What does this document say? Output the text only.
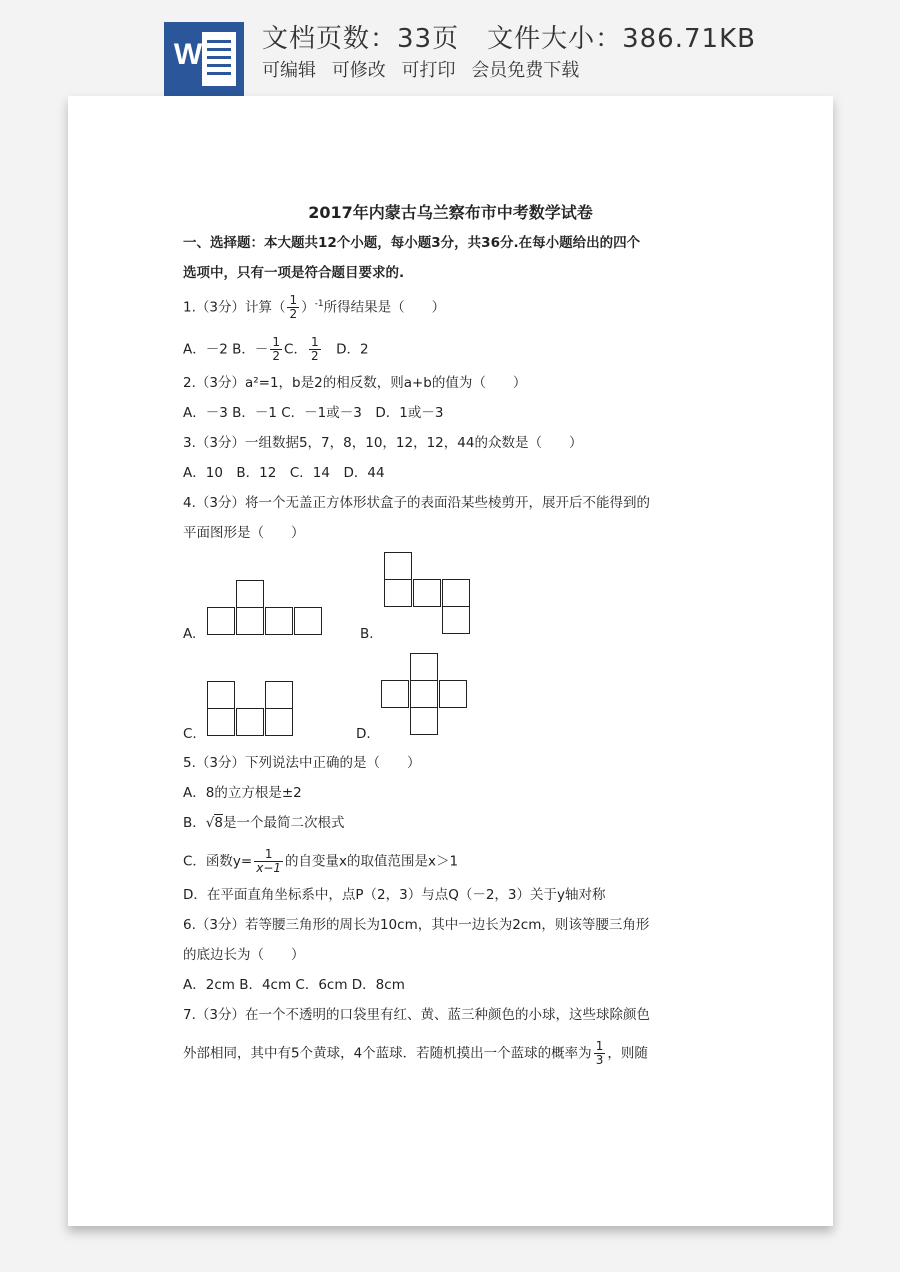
W 文档页数：33页 文件大小：386.71KB
可编辑 可修改 可打印 会员免费下载
2017年内蒙古乌兰察布市中考数学试卷
一、选择题：本大题共12个小题，每小题3分，共36分.在每小题给出的四个
选项中，只有一项是符合题目要求的.
1.（3分）计算（ $\frac{1}{2} )^{-1}$所得结果是（　　）
A．－2 B．－ $\frac{1}{2}$ C． $\frac{1}{2}$ 　D．2
2.（3分）a²=1，b是2的相反数，则a+b的值为（　　）
A．－3 B．－1 C．－1或－3　D．1或－3
3.（3分）一组数据5，7，8，10，12，12，44的众数是（　　）
A．10　B．12　C．14　D．44
4.（3分）将一个无盖正方体形状盒子的表面沿某些棱剪开，展开后不能得到的
平面图形是（　　）
A.	B.
C.	D.
5.（3分）下列说法中正确的是（　　）
A．8的立方根是±2
B．√8是一个最简二次根式
C．函数$y= \frac{1}{x-1}$ 的自变量x的取值范围是x＞1
D．在平面直角坐标系中，点P（2，3）与点Q（－2，3）关于y轴对称
6.（3分）若等腰三角形的周长为10cm，其中一边长为2cm，则该等腰三角形
的底边长为（　　）
A．2cm B．4cm C．6cm D．8cm
7.（3分）在一个不透明的口袋里有红、黄、蓝三种颜色的小球，这些球除颜色
外部相同，其中有5个黄球，4个蓝球．若随机摸出一个蓝球的概率为 $\frac{1}{3}$ ，则随
